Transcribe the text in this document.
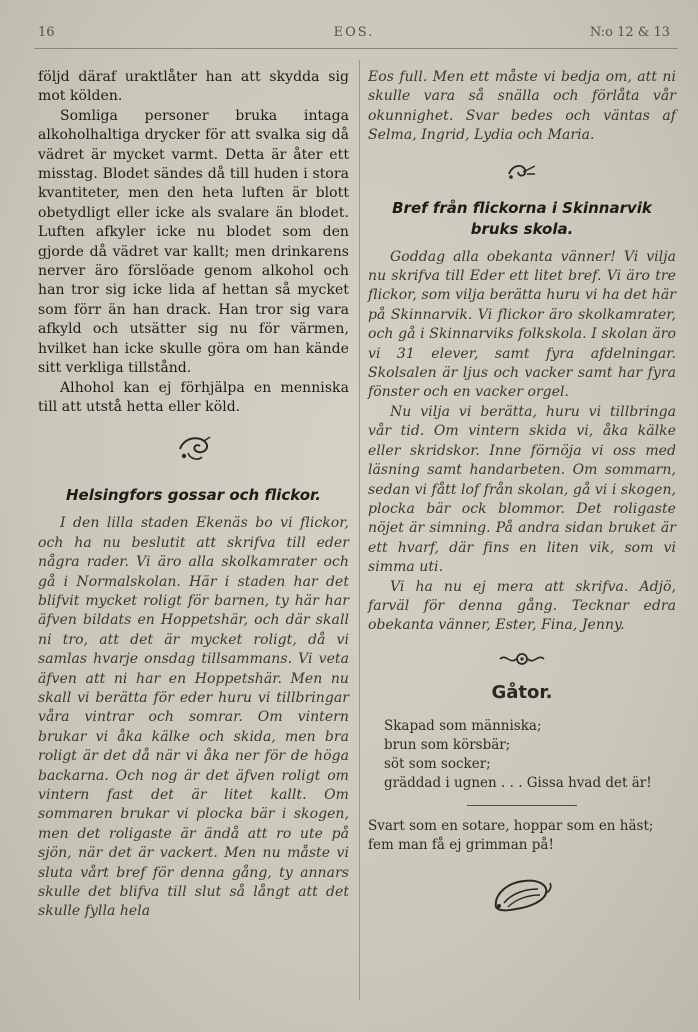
16	EOS.	N:o 12 & 13

följd däraf uraktlåter han att skydda sig mot kölden.

Somliga personer bruka intaga alkoholhaltiga drycker för att svalka sig då vädret är mycket varmt. Detta är åter ett misstag. Blodet sändes då till huden i stora kvantiteter, men den heta luften är blott obetydligt eller icke als svalare än blodet. Luften afkyler icke nu blodet som den gjorde då vädret var kallt; men drinkarens nerver äro förslöade genom alkohol och han tror sig icke lida af hettan så mycket som förr än han drack. Han tror sig vara afkyld och utsätter sig nu för värmen, hvilket han icke skulle göra om han kände sitt verkliga tillstånd.

Alhohol kan ej förhjälpa en menniska till att utstå hetta eller köld.

Helsingfors gossar och flickor.

I den lilla staden Ekenäs bo vi flickor, och ha nu beslutit att skrifva till eder några rader. Vi äro alla skolkamrater och gå i Normalskolan. Här i staden har det blifvit mycket roligt för barnen, ty här har äfven bildats en Hoppetshär, och där skall ni tro, att det är mycket roligt, då vi samlas hvarje onsdag tillsammans. Vi veta äfven att ni har en Hoppetshär. Men nu skall vi berätta för eder huru vi tillbringar våra vintrar och somrar. Om vintern brukar vi åka kälke och skida, men bra roligt är det då när vi åka ner för de höga backarna. Och nog är det äfven roligt om vintern fast det är litet kallt. Om sommaren brukar vi plocka bär i skogen, men det roligaste är ändå att ro ute på sjön, när det är vackert. Men nu måste vi sluta vårt bref för denna gång, ty annars skulle det blifva till slut så långt att det skulle fylla hela

Eos full. Men ett måste vi bedja om, att ni skulle vara så snälla och förlåta vår okunnighet. Svar bedes och väntas af Selma, Ingrid, Lydia och Maria.

Bref från flickorna i Skinnarvik bruks skola.

Goddag alla obekanta vänner! Vi vilja nu skrifva till Eder ett litet bref. Vi äro tre flickor, som vilja berätta huru vi ha det här på Skinnarvik. Vi flickor äro skolkamrater, och gå i Skinnarviks folkskola. I skolan äro vi 31 elever, samt fyra afdelningar. Skolsalen är ljus och vacker samt har fyra fönster och en vacker orgel.

Nu vilja vi berätta, huru vi tillbringa vår tid. Om vintern skida vi, åka kälke eller skridskor. Inne förnöja vi oss med läsning samt handarbeten. Om sommarn, sedan vi fått lof från skolan, gå vi i skogen, plocka bär ock blommor. Det roligaste nöjet är simning. På andra sidan bruket är ett hvarf, där fins en liten vik, som vi simma uti.

Vi ha nu ej mera att skrifva. Adjö, farväl för denna gång. Tecknar edra obekanta vänner, Ester, Fina, Jenny.

Gåtor.

Skapad som människa;

brun som körsbär;

söt som socker;

gräddad i ugnen . . . Gissa hvad det är!

Svart som en sotare, hoppar som en häst; fem man få ej grimman på!
